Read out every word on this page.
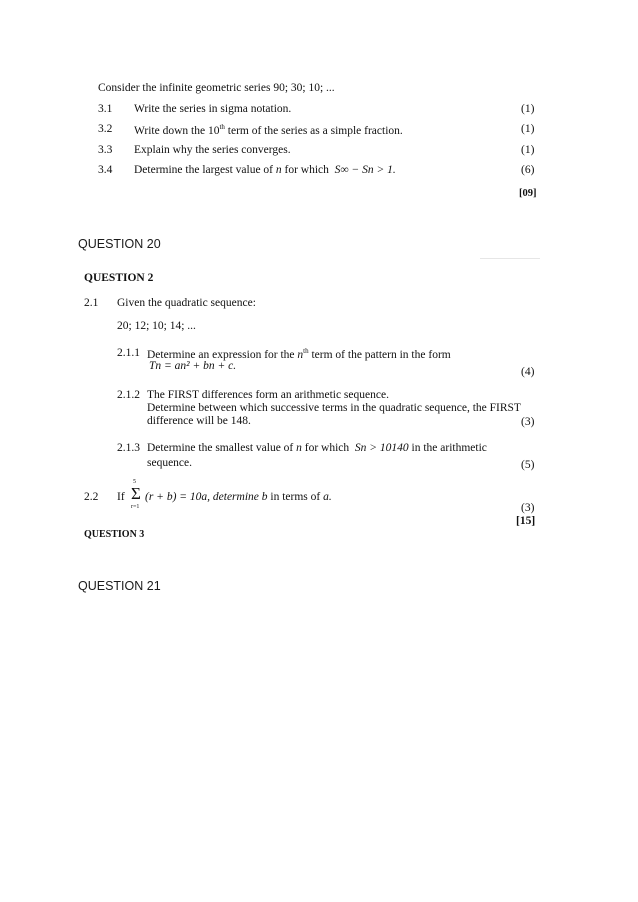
Consider the infinite geometric series 90; 30; 10; ...
3.1 Write the series in sigma notation.	(1)
3.2 Write down the 10th term of the series as a simple fraction.	(1)
3.3 Explain why the series converges.	(1)
3.4 Determine the largest value of n for which  S∞ − Sn > 1.	(6)
[09]
QUESTION 20
QUESTION 2
2.1 Given the quadratic sequence:
20; 12; 10; 14; ...
2.1.1 Determine an expression for the $n^{th}$ term of the pattern in the form
Tn = an² + bn + c.	(4)
2.1.2 The FIRST differences form an arithmetic sequence.
Determine between which successive terms in the quadratic sequence, the FIRST
difference will be 148.	(3)
2.1.3 Determine the smallest value of n for which  Sn > 10140 in the arithmetic
sequence.	(5)
2.2 If
5
Σ
r=1
(r + b) = 10a, determine b in terms of a.
(3)
[15]
QUESTION 3
QUESTION 21
